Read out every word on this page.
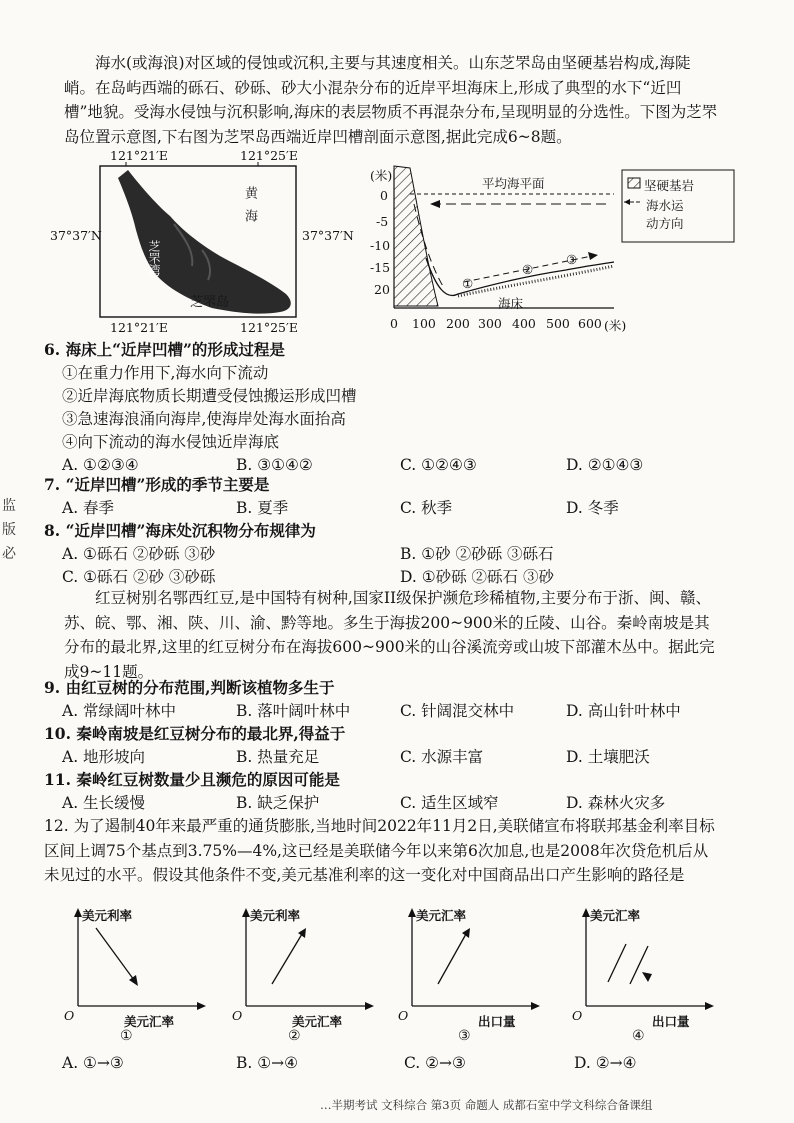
海水(或海浪)对区域的侵蚀或沉积,主要与其速度相关。山东芝罘岛由坚硬基岩构成,海陡峭。在岛屿西端的砾石、砂砾、砂大小混杂分布的近岸平坦海床上,形成了典型的水下“近凹槽”地貌。受海水侵蚀与沉积影响,海床的表层物质不再混杂分布,呈现明显的分选性。下图为芝罘岛位置示意图,下右图为芝罘岛西端近岸凹槽剖面示意图,据此完成6~8题。
121°21′E	121°25′E
37°37′N	37°37′N
121°21′E	121°25′E
黄海
芝罘湾
芝罘岛
(米)
0
-5
-10
-15
20
0 100 200 300 400 500 600 (米)
平均海平面
海床
①
②
③
坚硬基岩
海水运
动方向
6. 海床上“近岸凹槽”的形成过程是
①在重力作用下,海水向下流动
②近岸海底物质长期遭受侵蚀搬运形成凹槽
③急速海浪涌向海岸,使海岸处海水面抬高
④向下流动的海水侵蚀近岸海底
A. ①②③④	B. ③①④②	C. ①②④③	D. ②①④③
监
版
必
7. “近岸凹槽”形成的季节主要是
A. 春季	B. 夏季	C. 秋季	D. 冬季
8. “近岸凹槽”海床处沉积物分布规律为
A. ①砾石 ②砂砾 ③砂	B. ①砂 ②砂砾 ③砾石
C. ①砾石 ②砂 ③砂砾	D. ①砂砾 ②砾石 ③砂
红豆树别名鄂西红豆,是中国特有树种,国家II级保护濒危珍稀植物,主要分布于浙、闽、赣、苏、皖、鄂、湘、陕、川、渝、黔等地。多生于海拔200~900米的丘陵、山谷。秦岭南坡是其分布的最北界,这里的红豆树分布在海拔600~900米的山谷溪流旁或山坡下部灌木丛中。据此完成9~11题。
9. 由红豆树的分布范围,判断该植物多生于
A. 常绿阔叶林中	B. 落叶阔叶林中	C. 针阔混交林中	D. 高山针叶林中
10. 秦岭南坡是红豆树分布的最北界,得益于
A. 地形坡向	B. 热量充足	C. 水源丰富	D. 土壤肥沃
11. 秦岭红豆树数量少且濒危的原因可能是
A. 生长缓慢	B. 缺乏保护	C. 适生区域窄	D. 森林火灾多
12. 为了遏制40年来最严重的通货膨胀,当地时间2022年11月2日,美联储宣布将联邦基金利率目标区间上调75个基点到3.75%—4%,这已经是美联储今年以来第6次加息,也是2008年次贷危机后从未见过的水平。假设其他条件不变,美元基准利率的这一变化对中国商品出口产生影响的路径是
美元利率
O	美元汇率
①
美元利率
O	美元汇率
②
美元汇率
O	出口量
③
美元汇率
O	出口量
④
A. ①→③	B. ①→④	C. ②→③	D. ②→④
…半期考试 文科综合 第3页 命题人 成都石室中学文科综合备课组
